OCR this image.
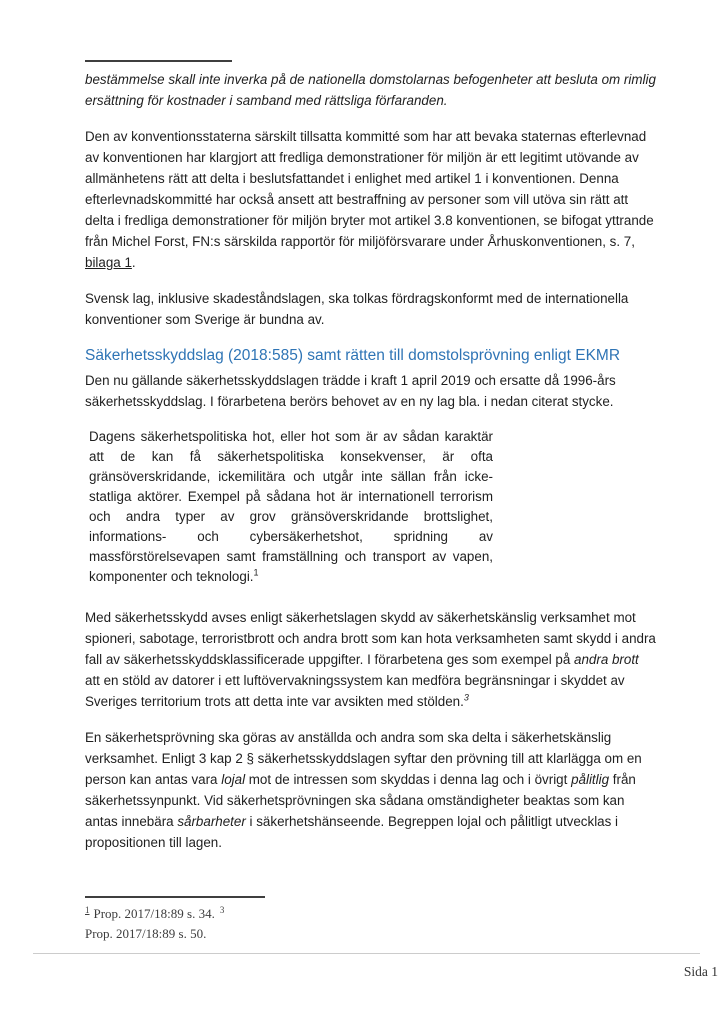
bestämmelse skall inte inverka på de nationella domstolarnas befogenheter att besluta om rimlig ersättning för kostnader i samband med rättsliga förfaranden.

Den av konventionsstaterna särskilt tillsatta kommitté som har att bevaka staternas efterlevnad av konventionen har klargjort att fredliga demonstrationer för miljön är ett legitimt utövande av allmänhetens rätt att delta i beslutsfattandet i enlighet med artikel 1 i konventionen. Denna efterlevnadskommitté har också ansett att bestraffning av personer som vill utöva sin rätt att delta i fredliga demonstrationer för miljön bryter mot artikel 3.8 konventionen, se bifogat yttrande från Michel Forst, FN:s särskilda rapportör för miljöförsvarare under Århuskonventionen, s. 7, bilaga 1.

Svensk lag, inklusive skadeståndslagen, ska tolkas fördragskonformt med de internationella konventioner som Sverige är bundna av.

Säkerhetsskyddslag (2018:585) samt rätten till domstolsprövning enligt EKMR

Den nu gällande säkerhetsskyddslagen trädde i kraft 1 april 2019 och ersatte då 1996-års säkerhetsskyddslag. I förarbetena berörs behovet av en ny lag bla. i nedan citerat stycke.

Dagens säkerhetspolitiska hot, eller hot som är av sådan karaktär att de kan få säkerhetspolitiska konsekvenser, är ofta gränsöverskridande, ickemilitära och utgår inte sällan från icke-statliga aktörer. Exempel på sådana hot är internationell terrorism och andra typer av grov gränsöverskridande brottslighet, informations- och cybersäkerhetshot, spridning av massförstörelsevapen samt framställning och transport av vapen, komponenter och teknologi.$^1$

Med säkerhetsskydd avses enligt säkerhetslagen skydd av säkerhetskänslig verksamhet mot spioneri, sabotage, terroristbrott och andra brott som kan hota verksamheten samt skydd i andra fall av säkerhetsskyddsklassificerade uppgifter. I förarbetena ges som exempel på andra brott att en stöld av datorer i ett luftövervakningssystem kan medföra begränsningar i skyddet av Sveriges territorium trots att detta inte var avsikten med stölden.$^3$

En säkerhetsprövning ska göras av anställda och andra som ska delta i säkerhetskänslig verksamhet. Enligt 3 kap 2 § säkerhetsskyddslagen syftar den prövning till att klarlägga om en person kan antas vara lojal mot de intressen som skyddas i denna lag och i övrigt pålitlig från säkerhetssynpunkt. Vid säkerhetsprövningen ska sådana omständigheter beaktas som kan antas innebära sårbarheter i säkerhetshänseende. Begreppen lojal och pålitligt utvecklas i propositionen till lagen.

$^1$ Prop. 2017/18:89 s. 34. $^3$
Prop. 2017/18:89 s. 50.
Sida 1
